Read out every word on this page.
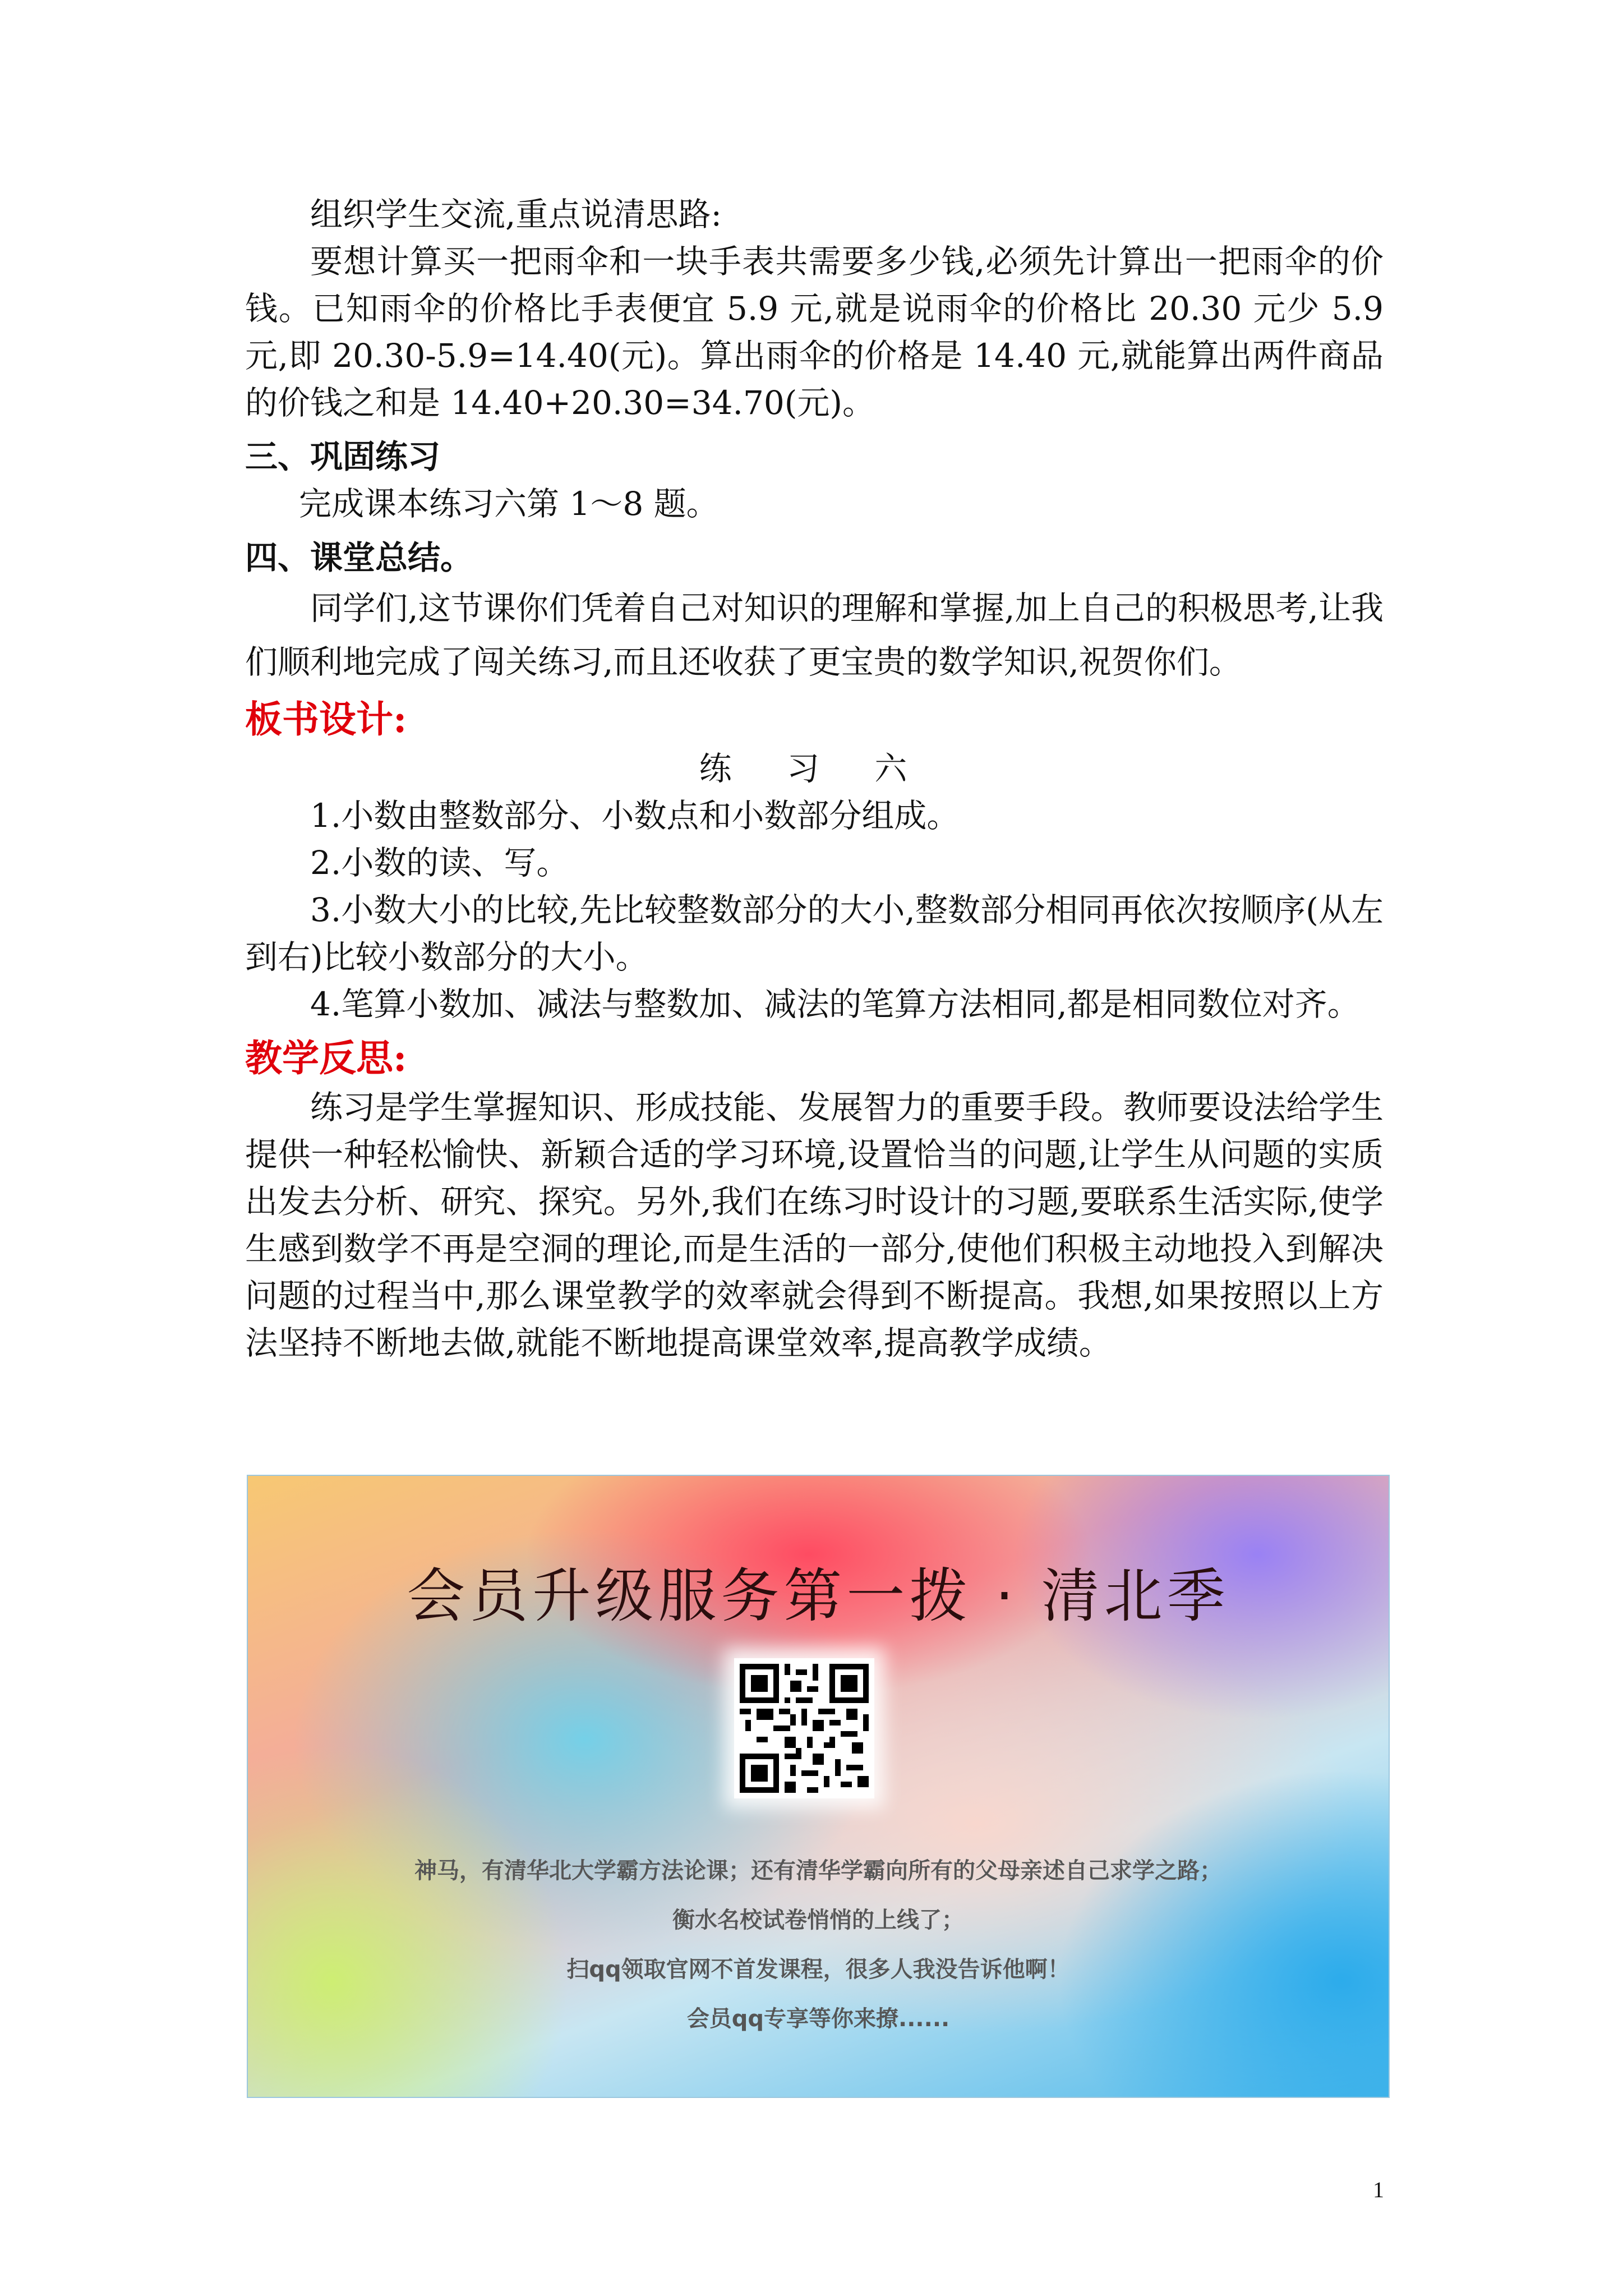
组织学生交流,重点说清思路:

要想计算买一把雨伞和一块手表共需要多少钱,必须先计算出一把雨伞的价钱。已知雨伞的价格比手表便宜 5.9 元,就是说雨伞的价格比 20.30 元少 5.9 元,即 20.30-5.9=14.40(元)。算出雨伞的价格是 14.40 元,就能算出两件商品的价钱之和是 14.40+20.30=34.70(元)。

三、巩固练习

完成课本练习六第 1～8 题。

四、课堂总结。

同学们,这节课你们凭着自己对知识的理解和掌握,加上自己的积极思考,让我们顺利地完成了闯关练习,而且还收获了更宝贵的数学知识,祝贺你们。

板书设计:

练 习 六

1.小数由整数部分、小数点和小数部分组成。

2.小数的读、写。

3.小数大小的比较,先比较整数部分的大小,整数部分相同再依次按顺序(从左到右)比较小数部分的大小。

4.笔算小数加、减法与整数加、减法的笔算方法相同,都是相同数位对齐。

教学反思:

练习是学生掌握知识、形成技能、发展智力的重要手段。教师要设法给学生提供一种轻松愉快、新颖合适的学习环境,设置恰当的问题,让学生从问题的实质出发去分析、研究、探究。另外,我们在练习时设计的习题,要联系生活实际,使学生感到数学不再是空洞的理论,而是生活的一部分,使他们积极主动地投入到解决问题的过程当中,那么课堂教学的效率就会得到不断提高。我想,如果按照以上方法坚持不断地去做,就能不断地提高课堂效率,提高教学成绩。

会员升级服务第一拨 · 清北季
神马，有清华北大学霸方法论课；还有清华学霸向所有的父母亲述自己求学之路；
衡水名校试卷悄悄的上线了；
扫qq领取官网不首发课程，很多人我没告诉他啊！
会员qq专享等你来撩......
1
